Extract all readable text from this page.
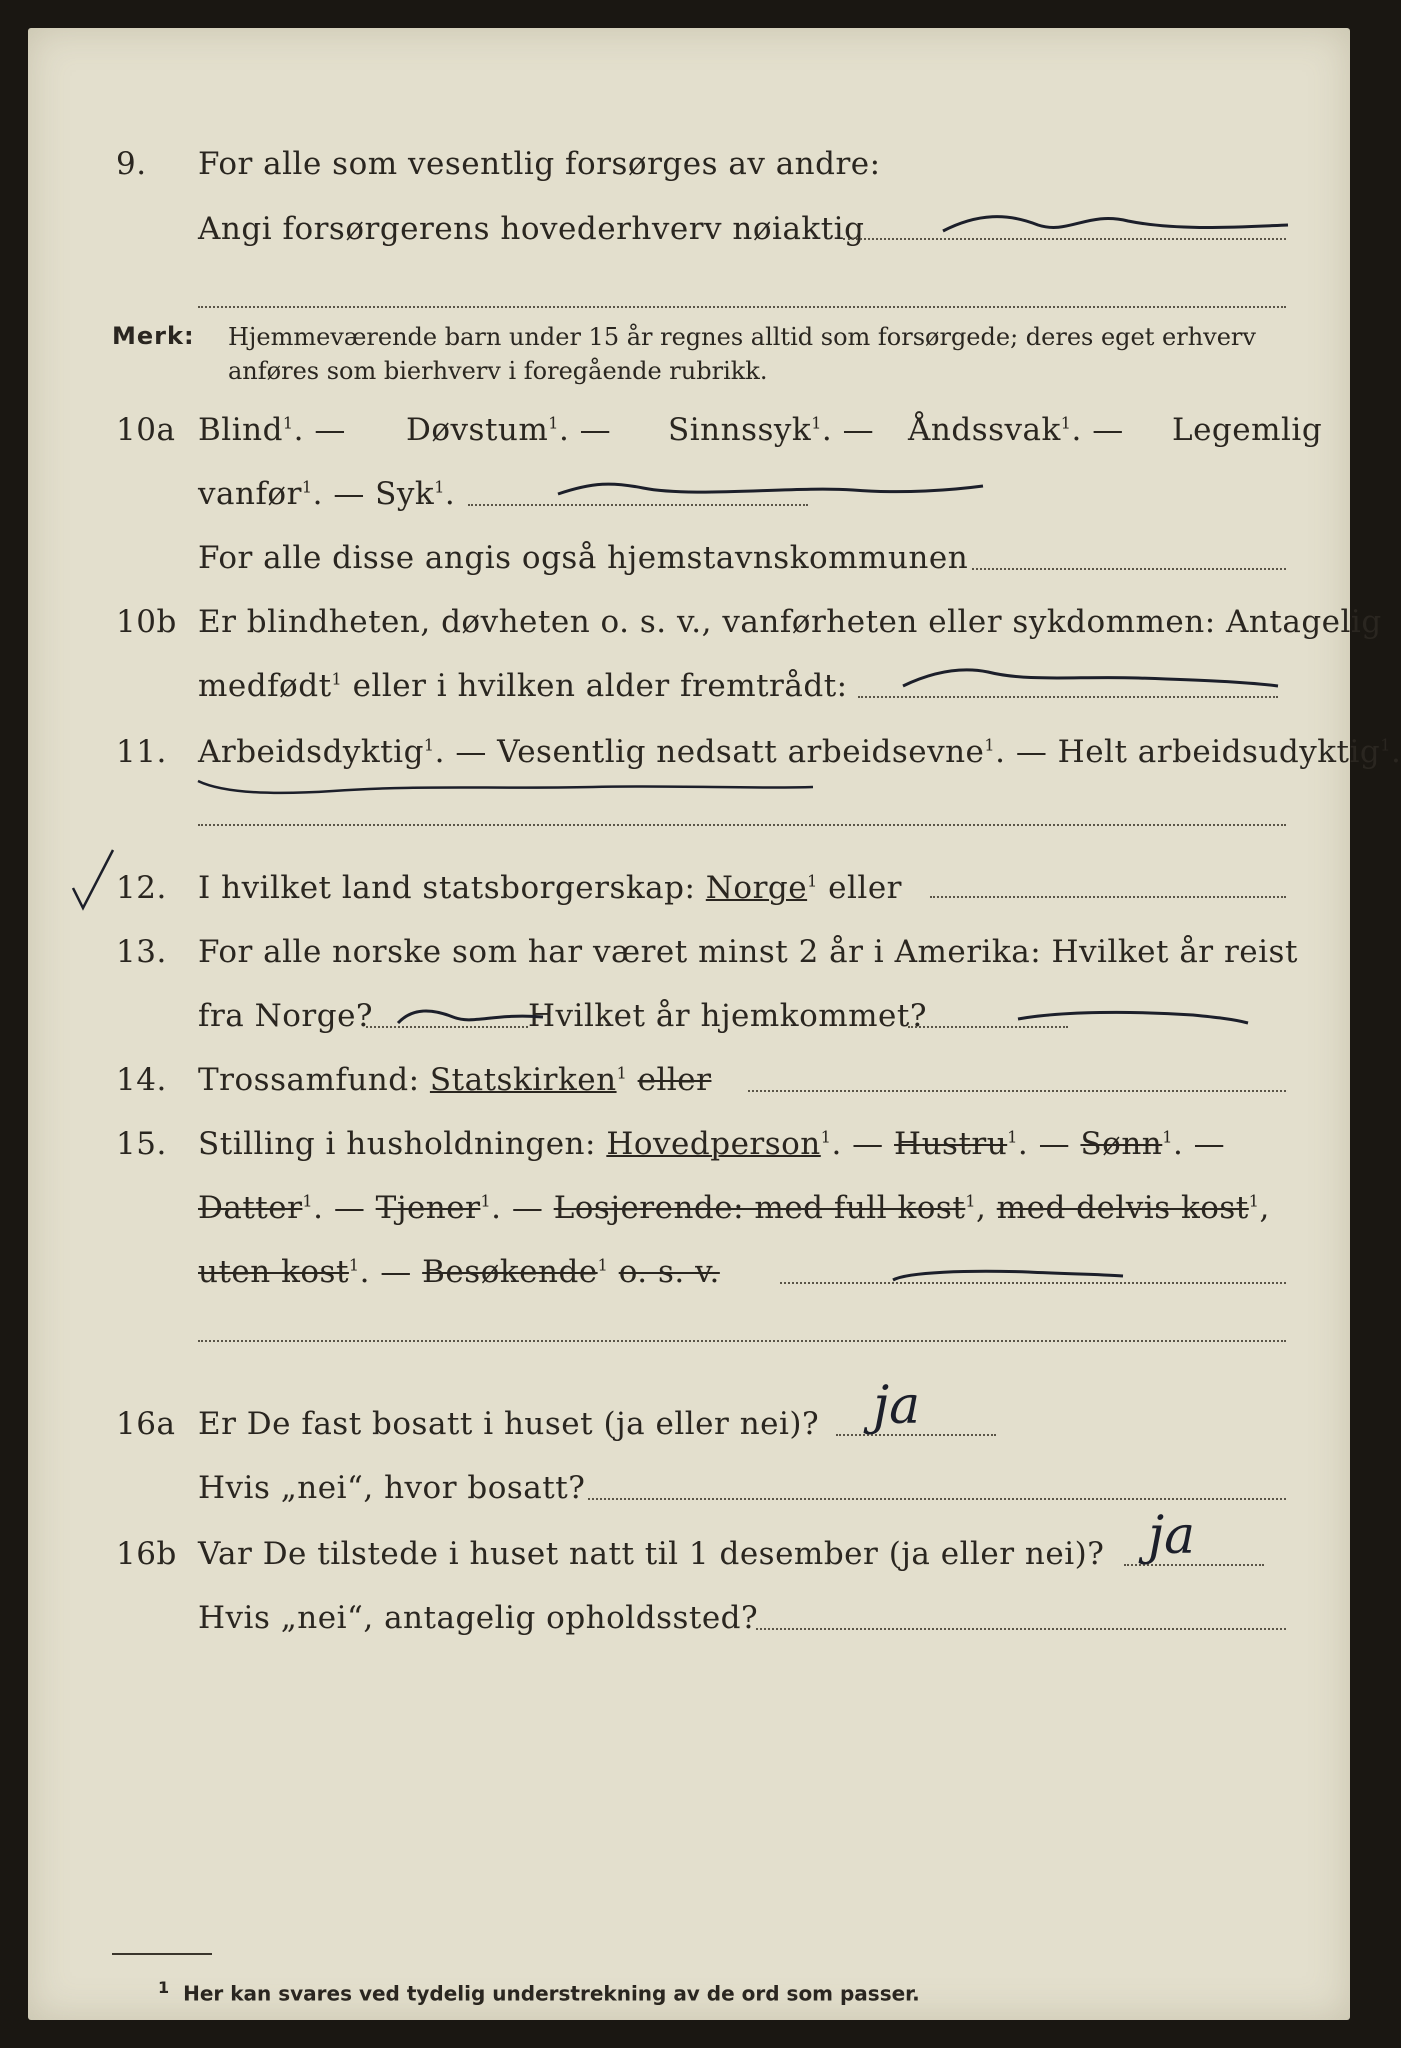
9. For alle som vesentlig forsørges av andre:
Angi forsørgerens hovederhverv nøiaktig
Merk: Hjemmeværende barn under 15 år regnes alltid som forsørgede; deres eget erhverv anføres som bierhverv i foregående rubrikk.
10a Blind$^1$. — Døvstum$^1$. — Sinnssyk$^1$. — Åndssvak$^1$. — Legemlig
vanfør$^1$. — Syk$^1$.
For alle disse angis også hjemstavnskommunen
10b Er blindheten, døvheten o. s. v., vanførheten eller sykdommen: Antagelig
medfødt$^1$ eller i hvilken alder fremtrådt:
11. Arbeidsdyktig$^1$. — Vesentlig nedsatt arbeidsevne$^1$. — Helt arbeidsudyktig$^1$.
12. I hvilket land statsborgerskap: Norge$^1$ eller
13. For alle norske som har været minst 2 år i Amerika: Hvilket år reist
fra Norge?	Hvilket år hjemkommet?
14. Trossamfund: Statskirken$^1$ eller
15. Stilling i husholdningen: Hovedperson$^1$. — Hustru$^1$. — Sønn$^1$. —
Datter$^1$. — Tjener$^1$. — Losjerende: med full kost$^1$, med delvis kost$^1$,
uten kost$^1$. — Besøkende$^1$ o. s. v.
16a Er De fast bosatt i huset (ja eller nei)? ja
Hvis „nei“, hvor bosatt?
16b Var De tilstede i huset natt til 1 desember (ja eller nei)? ja
Hvis „nei“, antagelig opholdssted?
$^1$ Her kan svares ved tydelig understrekning av de ord som passer.
